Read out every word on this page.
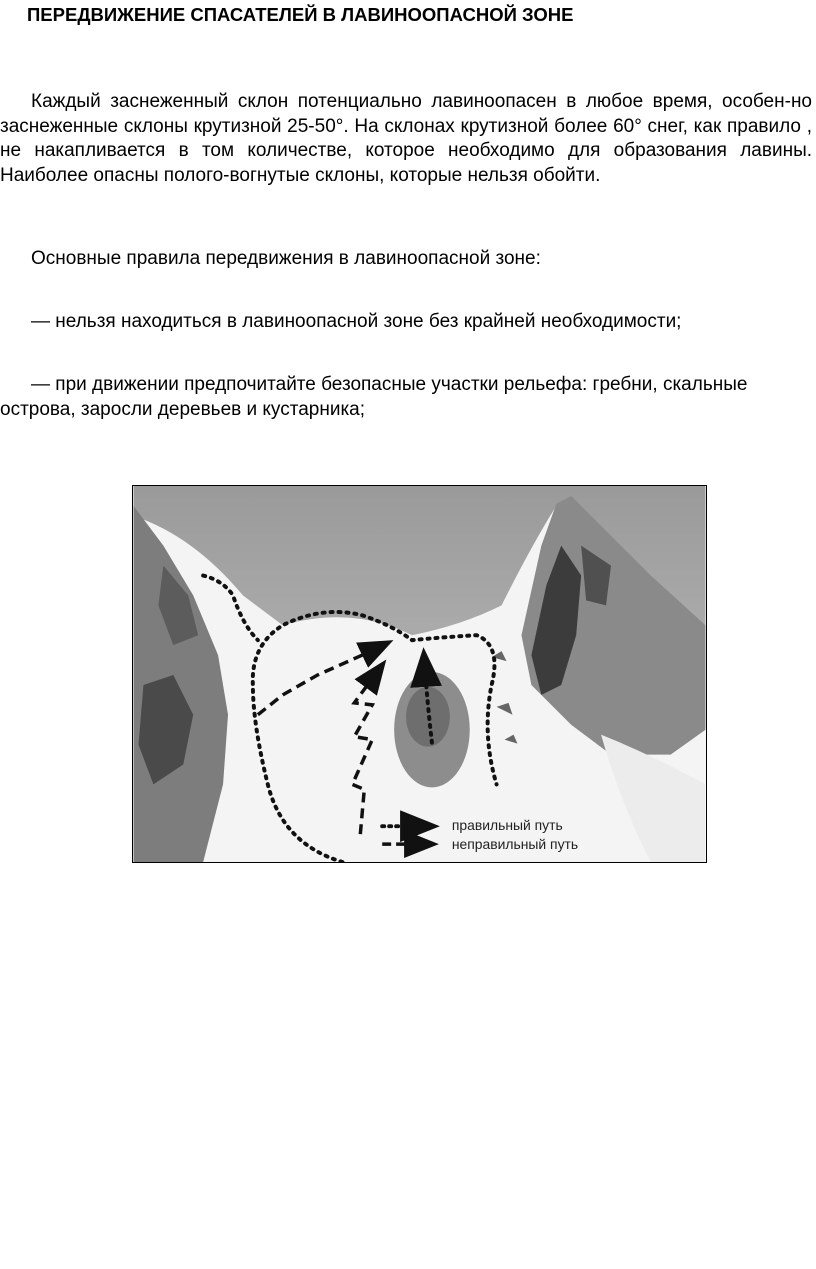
ПЕРЕДВИЖЕНИЕ СПАСАТЕЛЕЙ В ЛАВИНООПАСНОЙ ЗОНЕ

Каждый заснеженный склон потенциально лавиноопасен в любое время, особен-но заснеженные склоны крутизной 25-50°. На склонах крутизной более 60° снег, как правило , не накапливается в том количестве, которое необходимо для образования лавины. Наиболее опасны полого-вогнутые склоны, которые нельзя обойти.

Основные правила передвижения в лавиноопасной зоне:

— нельзя находиться в лавиноопасной зоне без крайней необходимости;

— при движении предпочитайте безопасные участки рельефа: гребни, скальные острова, заросли деревьев и кустарника;

правильный путь
неправильный путь
